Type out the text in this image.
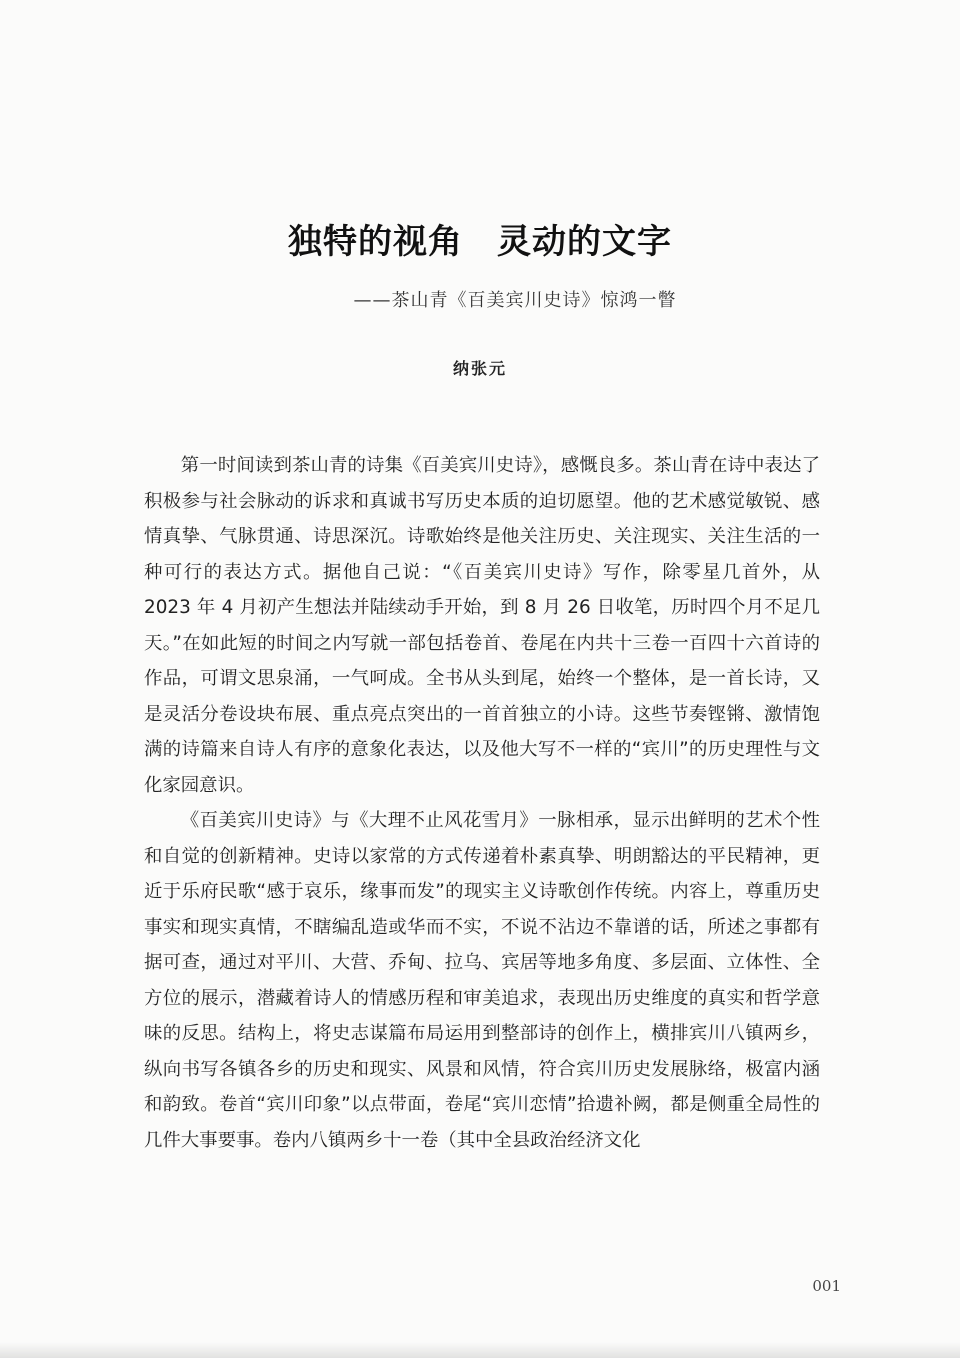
独特的视角 灵动的文字
——茶山青《百美宾川史诗》惊鸿一瞥
纳张元

第一时间读到茶山青的诗集《百美宾川史诗》，感慨良多。茶山青在诗中表达了积极参与社会脉动的诉求和真诚书写历史本质的迫切愿望。他的艺术感觉敏锐、感情真挚、气脉贯通、诗思深沉。诗歌始终是他关注历史、关注现实、关注生活的一种可行的表达方式。据他自己说：“《百美宾川史诗》写作，除零星几首外，从 2023 年 4 月初产生想法并陆续动手开始，到 8 月 26 日收笔，历时四个月不足几天。”在如此短的时间之内写就一部包括卷首、卷尾在内共十三卷一百四十六首诗的作品，可谓文思泉涌，一气呵成。全书从头到尾，始终一个整体，是一首长诗，又是灵活分卷设块布展、重点亮点突出的一首首独立的小诗。这些节奏铿锵、激情饱满的诗篇来自诗人有序的意象化表达，以及他大写不一样的“宾川”的历史理性与文化家园意识。

《百美宾川史诗》与《大理不止风花雪月》一脉相承，显示出鲜明的艺术个性和自觉的创新精神。史诗以家常的方式传递着朴素真挚、明朗豁达的平民精神，更近于乐府民歌“感于哀乐，缘事而发”的现实主义诗歌创作传统。内容上，尊重历史事实和现实真情，不瞎编乱造或华而不实，不说不沾边不靠谱的话，所述之事都有据可查，通过对平川、大营、乔甸、拉乌、宾居等地多角度、多层面、立体性、全方位的展示，潜藏着诗人的情感历程和审美追求，表现出历史维度的真实和哲学意味的反思。结构上，将史志谋篇布局运用到整部诗的创作上，横排宾川八镇两乡，纵向书写各镇各乡的历史和现实、风景和风情，符合宾川历史发展脉络，极富内涵和韵致。卷首“宾川印象”以点带面，卷尾“宾川恋情”拾遗补阙，都是侧重全局性的几件大事要事。卷内八镇两乡十一卷（其中全县政治经济文化

001
